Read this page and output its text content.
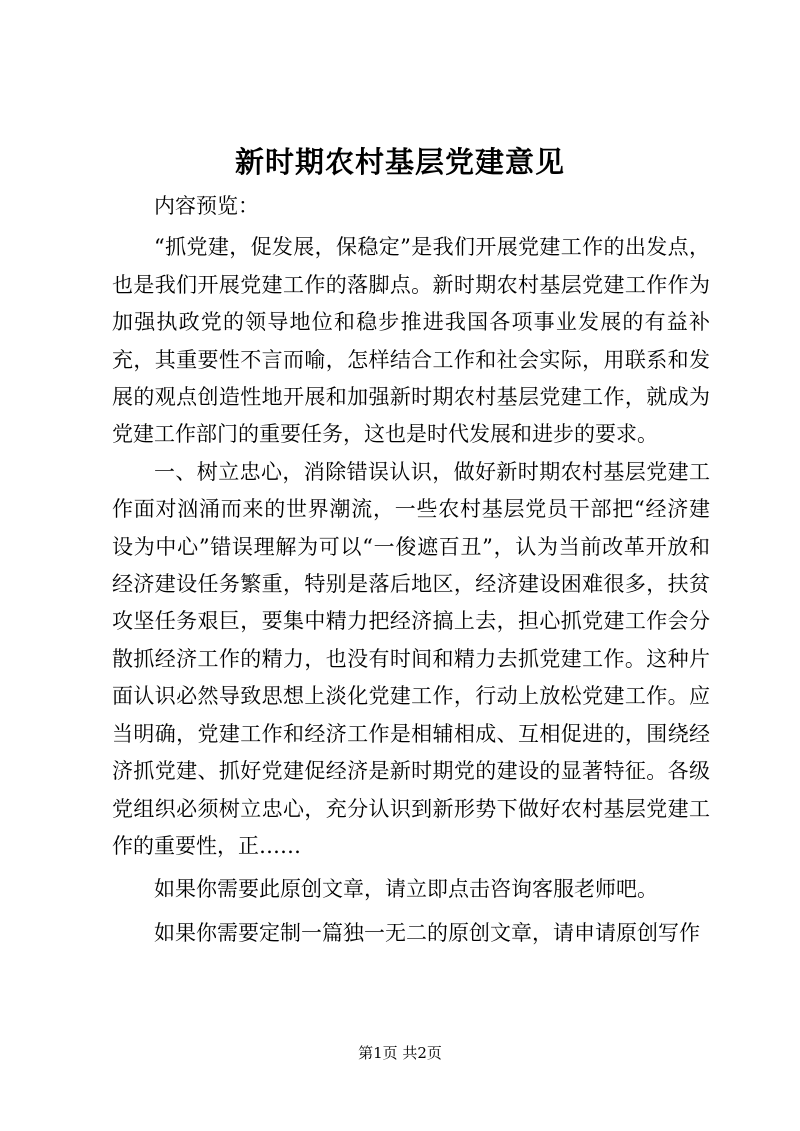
新时期农村基层党建意见

内容预览：

“抓党建，促发展，保稳定”是我们开展党建工作的出发点，也是我们开展党建工作的落脚点。新时期农村基层党建工作作为加强执政党的领导地位和稳步推进我国各项事业发展的有益补充，其重要性不言而喻，怎样结合工作和社会实际，用联系和发展的观点创造性地开展和加强新时期农村基层党建工作，就成为党建工作部门的重要任务，这也是时代发展和进步的要求。

一、树立忠心，消除错误认识，做好新时期农村基层党建工作面对汹涌而来的世界潮流，一些农村基层党员干部把“经济建设为中心”错误理解为可以“一俊遮百丑”，认为当前改革开放和经济建设任务繁重，特别是落后地区，经济建设困难很多，扶贫攻坚任务艰巨，要集中精力把经济搞上去，担心抓党建工作会分散抓经济工作的精力，也没有时间和精力去抓党建工作。这种片面认识必然导致思想上淡化党建工作，行动上放松党建工作。应当明确，党建工作和经济工作是相辅相成、互相促进的，围绕经济抓党建、抓好党建促经济是新时期党的建设的显著特征。各级党组织必须树立忠心，充分认识到新形势下做好农村基层党建工作的重要性，正……

如果你需要此原创文章，请立即点击咨询客服老师吧。

如果你需要定制一篇独一无二的原创文章，请申请原创写作

第1页 共2页
